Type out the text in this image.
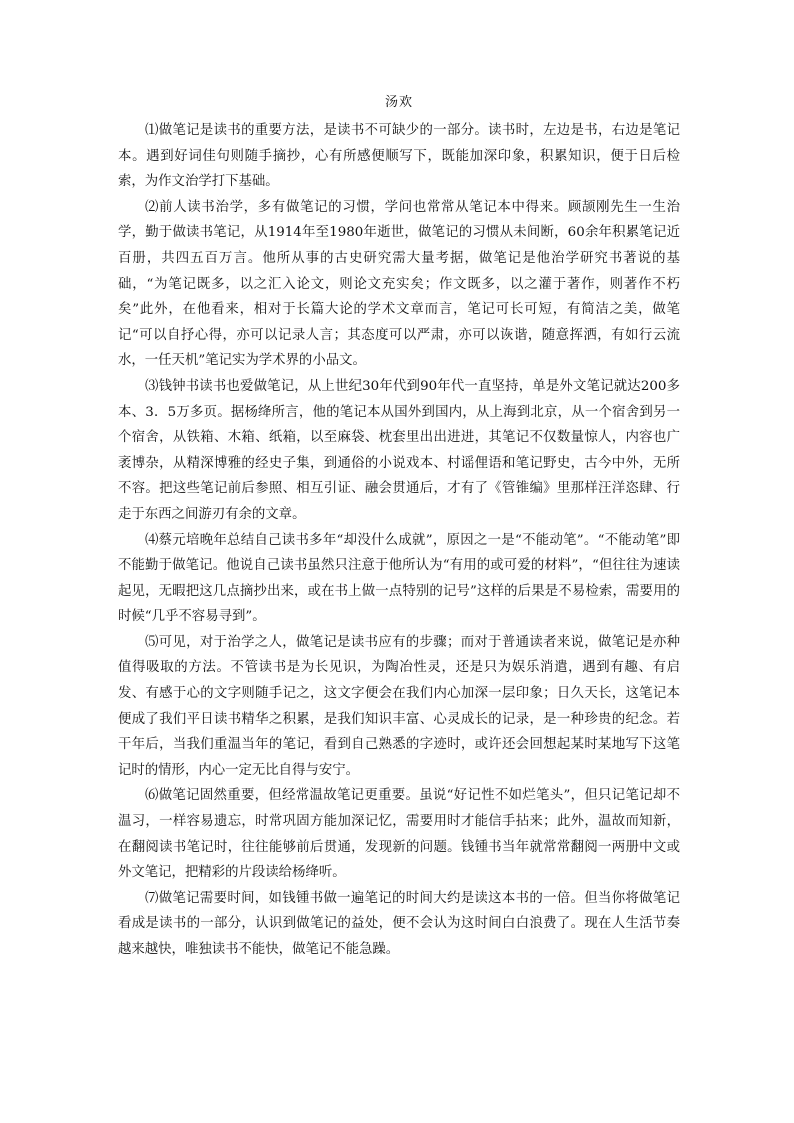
汤欢

⑴做笔记是读书的重要方法，是读书不可缺少的一部分。读书时，左边是书，右边是笔记本。遇到好词佳句则随手摘抄，心有所感便顺写下，既能加深印象，积累知识，便于日后检索，为作文治学打下基础。

⑵前人读书治学，多有做笔记的习惯，学问也常常从笔记本中得来。顾颉刚先生一生治学，勤于做读书笔记，从1914年至1980年逝世，做笔记的习惯从未间断，60余年积累笔记近百册，共四五百万言。他所从事的古史研究需大量考据，做笔记是他治学研究书著说的基础，“为笔记既多，以之汇入论文，则论文充实矣；作文既多，以之灌于著作，则著作不朽矣”此外，在他看来，相对于长篇大论的学术文章而言，笔记可长可短，有简洁之美，做笔记“可以自抒心得，亦可以记录人言；其态度可以严肃，亦可以诙谐，随意挥洒，有如行云流水，一任天机”笔记实为学术界的小品文。

⑶钱钟书读书也爱做笔记，从上世纪30年代到90年代一直坚持，单是外文笔记就达200多本、3．5万多页。据杨绛所言，他的笔记本从国外到国内，从上海到北京，从一个宿舍到另一个宿舍，从铁箱、木箱、纸箱，以至麻袋、枕套里出出进进，其笔记不仅数量惊人，内容也广袤博杂，从精深博雅的经史子集，到通俗的小说戏本、村谣俚语和笔记野史，古今中外，无所不容。把这些笔记前后参照、相互引证、融会贯通后，才有了《管锥编》里那样汪洋恣肆、行走于东西之间游刃有余的文章。

⑷蔡元培晚年总结自己读书多年“却没什么成就”，原因之一是“不能动笔”。“不能动笔”即不能勤于做笔记。他说自己读书虽然只注意于他所认为“有用的或可爱的材料”，“但往往为速读起见，无暇把这几点摘抄出来，或在书上做一点特别的记号”这样的后果是不易检索，需要用的时候“几乎不容易寻到”。

⑸可见，对于治学之人，做笔记是读书应有的步骤；而对于普通读者来说，做笔记是亦种值得吸取的方法。不管读书是为长见识，为陶冶性灵，还是只为娱乐消遣，遇到有趣、有启发、有感于心的文字则随手记之，这文字便会在我们内心加深一层印象；日久天长，这笔记本便成了我们平日读书精华之积累，是我们知识丰富、心灵成长的记录，是一种珍贵的纪念。若干年后，当我们重温当年的笔记，看到自己熟悉的字迹时，或许还会回想起某时某地写下这笔记时的情形，内心一定无比自得与安宁。

⑹做笔记固然重要，但经常温故笔记更重要。虽说“好记性不如烂笔头”，但只记笔记却不温习，一样容易遗忘，时常巩固方能加深记忆，需要用时才能信手拈来；此外，温故而知新，在翻阅读书笔记时，往往能够前后贯通，发现新的问题。钱锺书当年就常常翻阅一两册中文或外文笔记，把精彩的片段读给杨绛听。

⑺做笔记需要时间，如钱锺书做一遍笔记的时间大约是读这本书的一倍。但当你将做笔记看成是读书的一部分，认识到做笔记的益处，便不会认为这时间白白浪费了。现在人生活节奏越来越快，唯独读书不能快，做笔记不能急躁。
